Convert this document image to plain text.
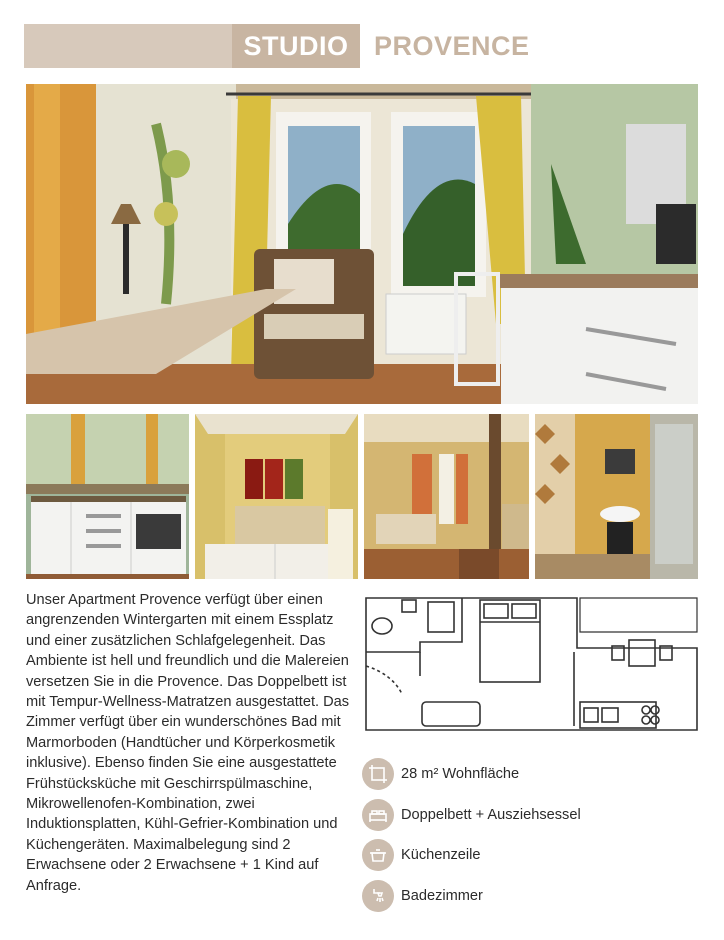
STUDIO PROVENCE
Unser Apartment Provence verfügt über einen angrenzenden Wintergarten mit einem Essplatz und einer zusätzlichen Schlafgelegenheit. Das Ambiente ist hell und freundlich und die Malereien versetzen Sie in die Provence. Das Doppelbett ist mit Tempur-Wellness-Matratzen ausgestattet. Das Zimmer verfügt über ein wunderschönes Bad mit Marmorboden (Handtücher und Körperkosmetik inklusive). Ebenso finden Sie eine ausgestattete Frühstücksküche mit Geschirrspülmaschine, Mikrowellenofen-Kombination, zwei Induktionsplatten, Kühl-Gefrier-Kombination und Küchengeräten. Maximalbelegung sind 2 Erwachsene oder 2 Erwachsene + 1 Kind auf Anfrage.
28 m² Wohnfläche
Doppelbett + Ausziehsessel
Küchenzeile
Badezimmer
